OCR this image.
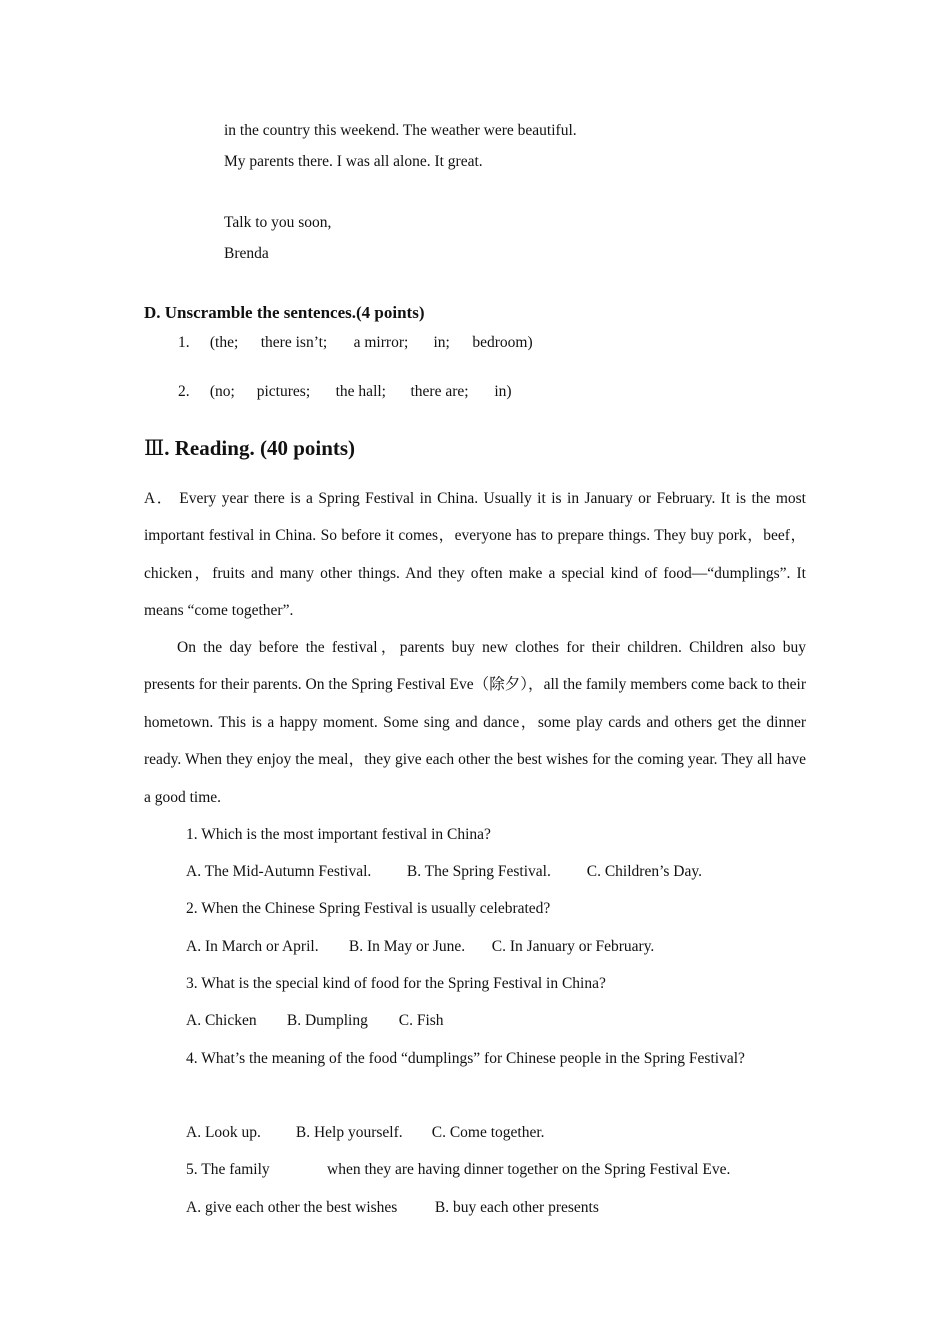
in the country this weekend. The weather were beautiful.
My parents there. I was all alone. It great.
Talk to you soon,
Brenda
D. Unscramble the sentences.(4 points)
1. (the; there isn’t; a mirror; in; bedroom)
2. (no; pictures; the hall; there are; in)
Ⅲ. Reading. (40 points)

A． Every year there is a Spring Festival in China. Usually it is in January or February. It is the most important festival in China. So before it comes，everyone has to prepare things. They buy pork，beef，chicken，fruits and many other things. And they often make a special kind of food—“dumplings”. It means “come together”.

On the day before the festival，parents buy new clothes for their children. Children also buy presents for their parents. On the Spring Festival Eve（除夕），all the family members come back to their hometown. This is a happy moment. Some sing and dance，some play cards and others get the dinner ready. When they enjoy the meal，they give each other the best wishes for the coming year. They all have a good time.

1. Which is the most important festival in China?
A. The Mid-Autumn Festival. B. The Spring Festival. C. Children’s Day.
2. When the Chinese Spring Festival is usually celebrated?
A. In March or April. B. In May or June. C. In January or February.
3. What is the special kind of food for the Spring Festival in China?
A. Chicken B. Dumpling C. Fish

4. What’s the meaning of the food “dumplings” for Chinese people in the Spring Festival?

A. Look up. B. Help yourself. C. Come together.
5. The family	when they are having dinner together on the Spring Festival Eve.
A. give each other the best wishes B. buy each other presents
